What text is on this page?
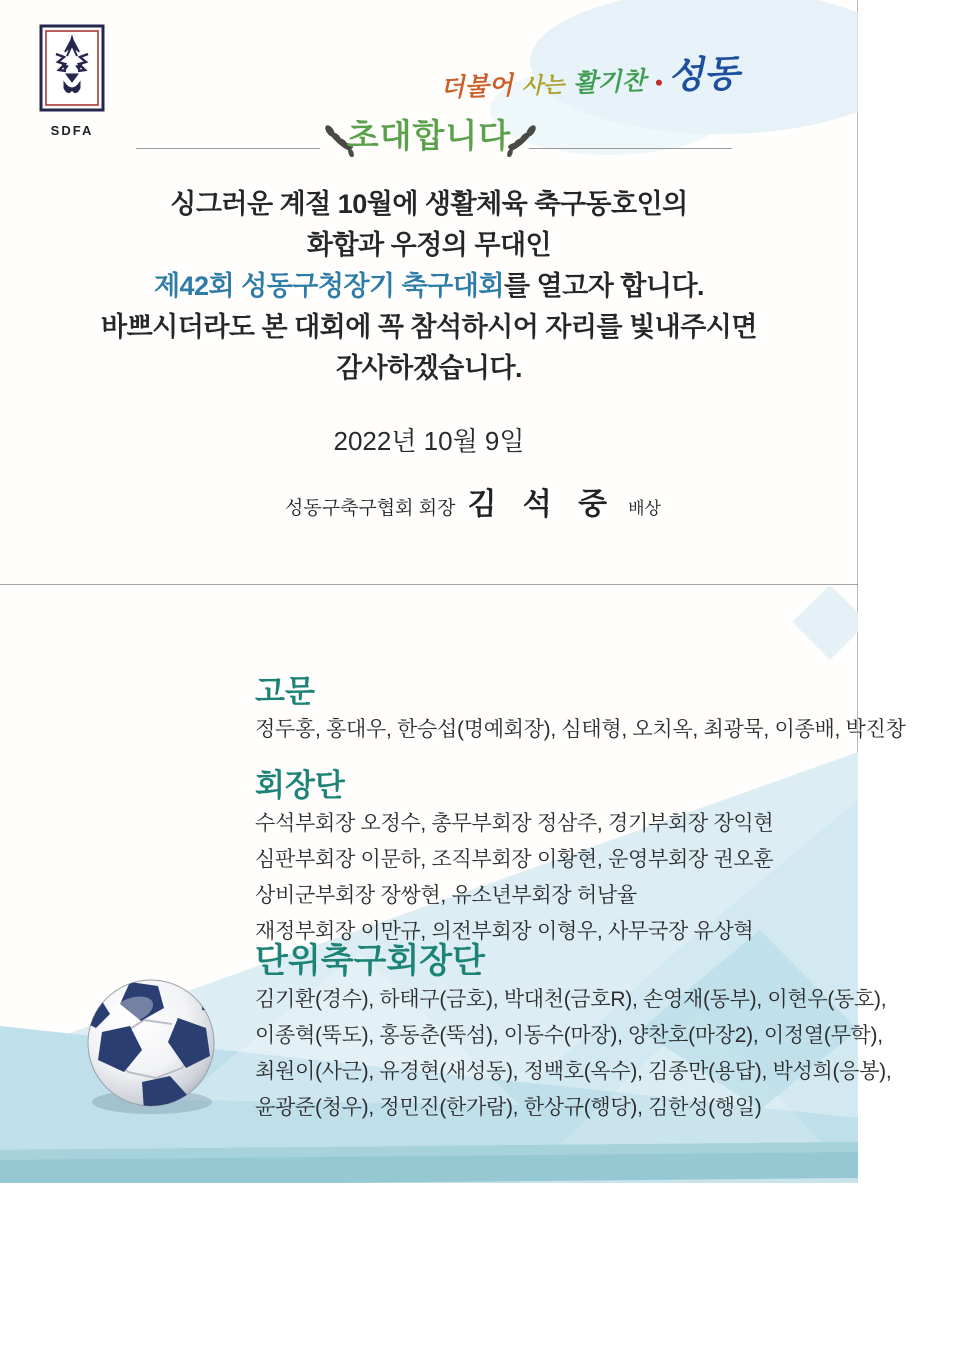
SDFA
더불어 사는 활기찬 ● 성동
초대합니다
싱그러운 계절 10월에 생활체육 축구동호인의
화합과 우정의 무대인
제42회 성동구청장기 축구대회를 열고자 합니다.
바쁘시더라도 본 대회에 꼭 참석하시어 자리를 빛내주시면
감사하겠습니다.
2022년 10월 9일
성동구축구협회 회장 김 석 중 배상
고문
정두홍, 홍대우, 한승섭(명예회장), 심태형, 오치옥, 최광묵, 이종배, 박진창
회장단
수석부회장 오정수, 총무부회장 정삼주, 경기부회장 장익현
심판부회장 이문하, 조직부회장 이황현, 운영부회장 권오훈
상비군부회장 장쌍현, 유소년부회장 허남율
재정부회장 이만규, 의전부회장 이형우, 사무국장 유상혁
단위축구회장단
김기환(경수), 하태구(금호), 박대천(금호R), 손영재(동부), 이현우(동호),
이종혁(뚝도), 홍동춘(뚝섬), 이동수(마장), 양찬호(마장2), 이정열(무학),
최원이(사근), 유경현(새성동), 정백호(옥수), 김종만(용답), 박성희(응봉),
윤광준(청우), 정민진(한가람), 한상규(행당), 김한성(행일)
